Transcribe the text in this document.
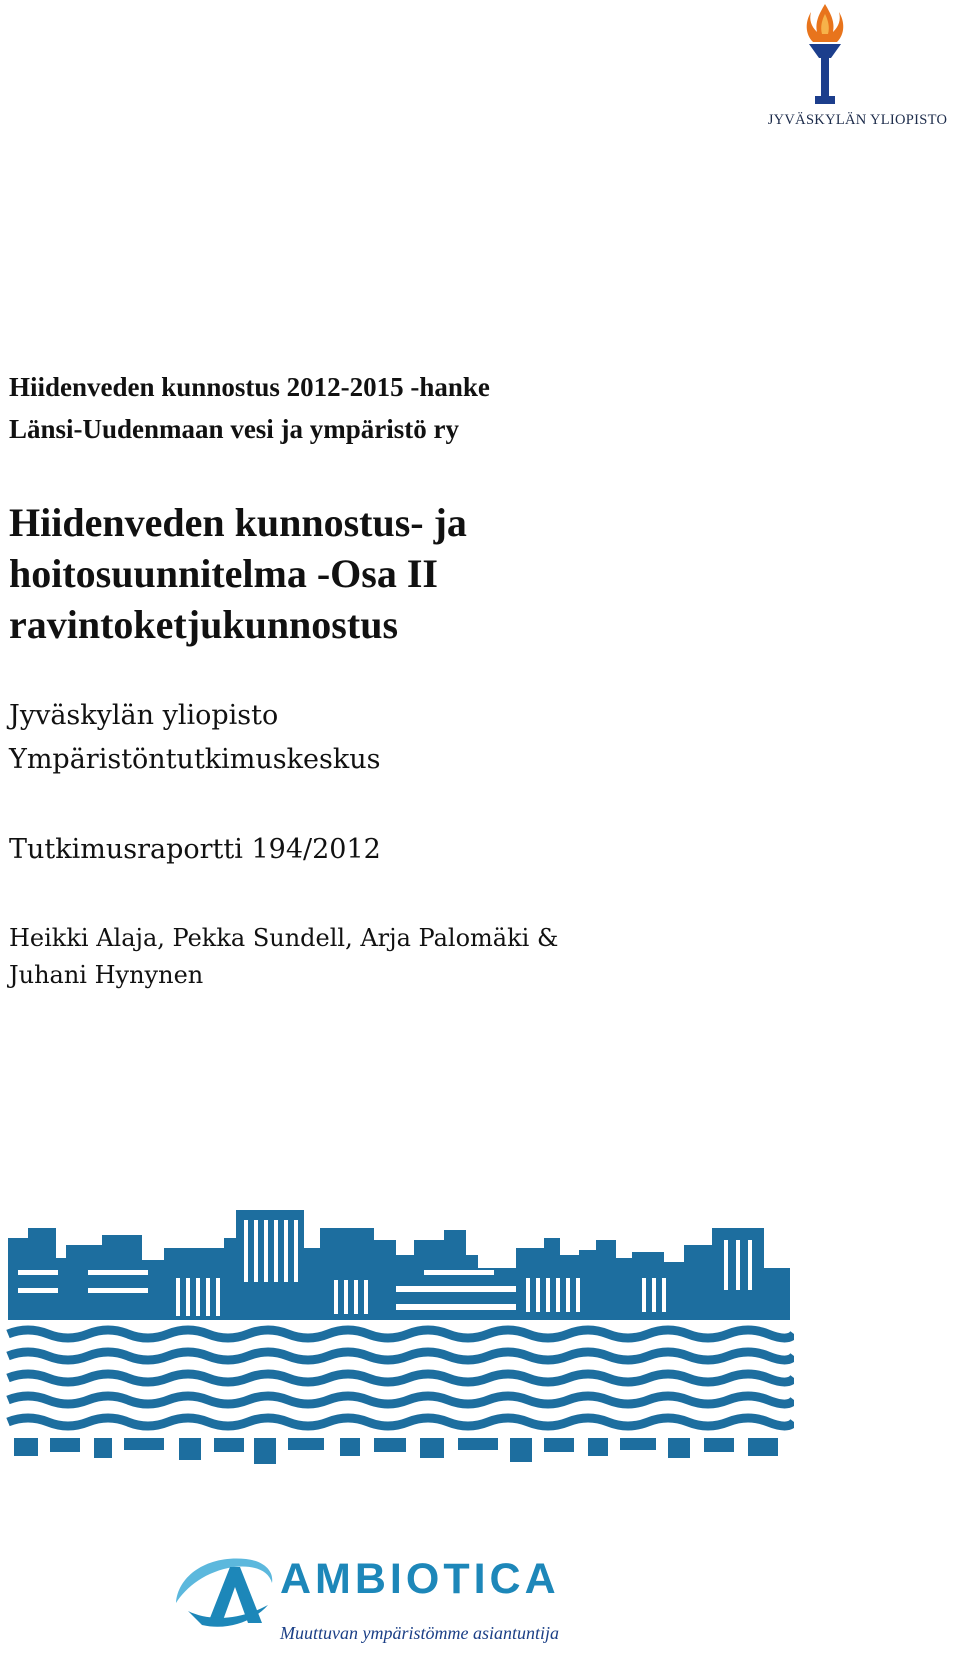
JYVÄSKYLÄN YLIOPISTO
Hiidenveden kunnostus 2012-2015 -hanke
Länsi-Uudenmaan vesi ja ympäristö ry
Hiidenveden kunnostus- ja
hoitosuunnitelma -Osa II
ravintoketjukunnostus

Jyväskylän yliopisto

Ympäristöntutkimuskeskus

Tutkimusraportti 194/2012

Heikki Alaja, Pekka Sundell, Arja Palomäki &

Juhani Hynynen

AMBIOTICA
Muuttuvan ympäristömme asiantuntija
